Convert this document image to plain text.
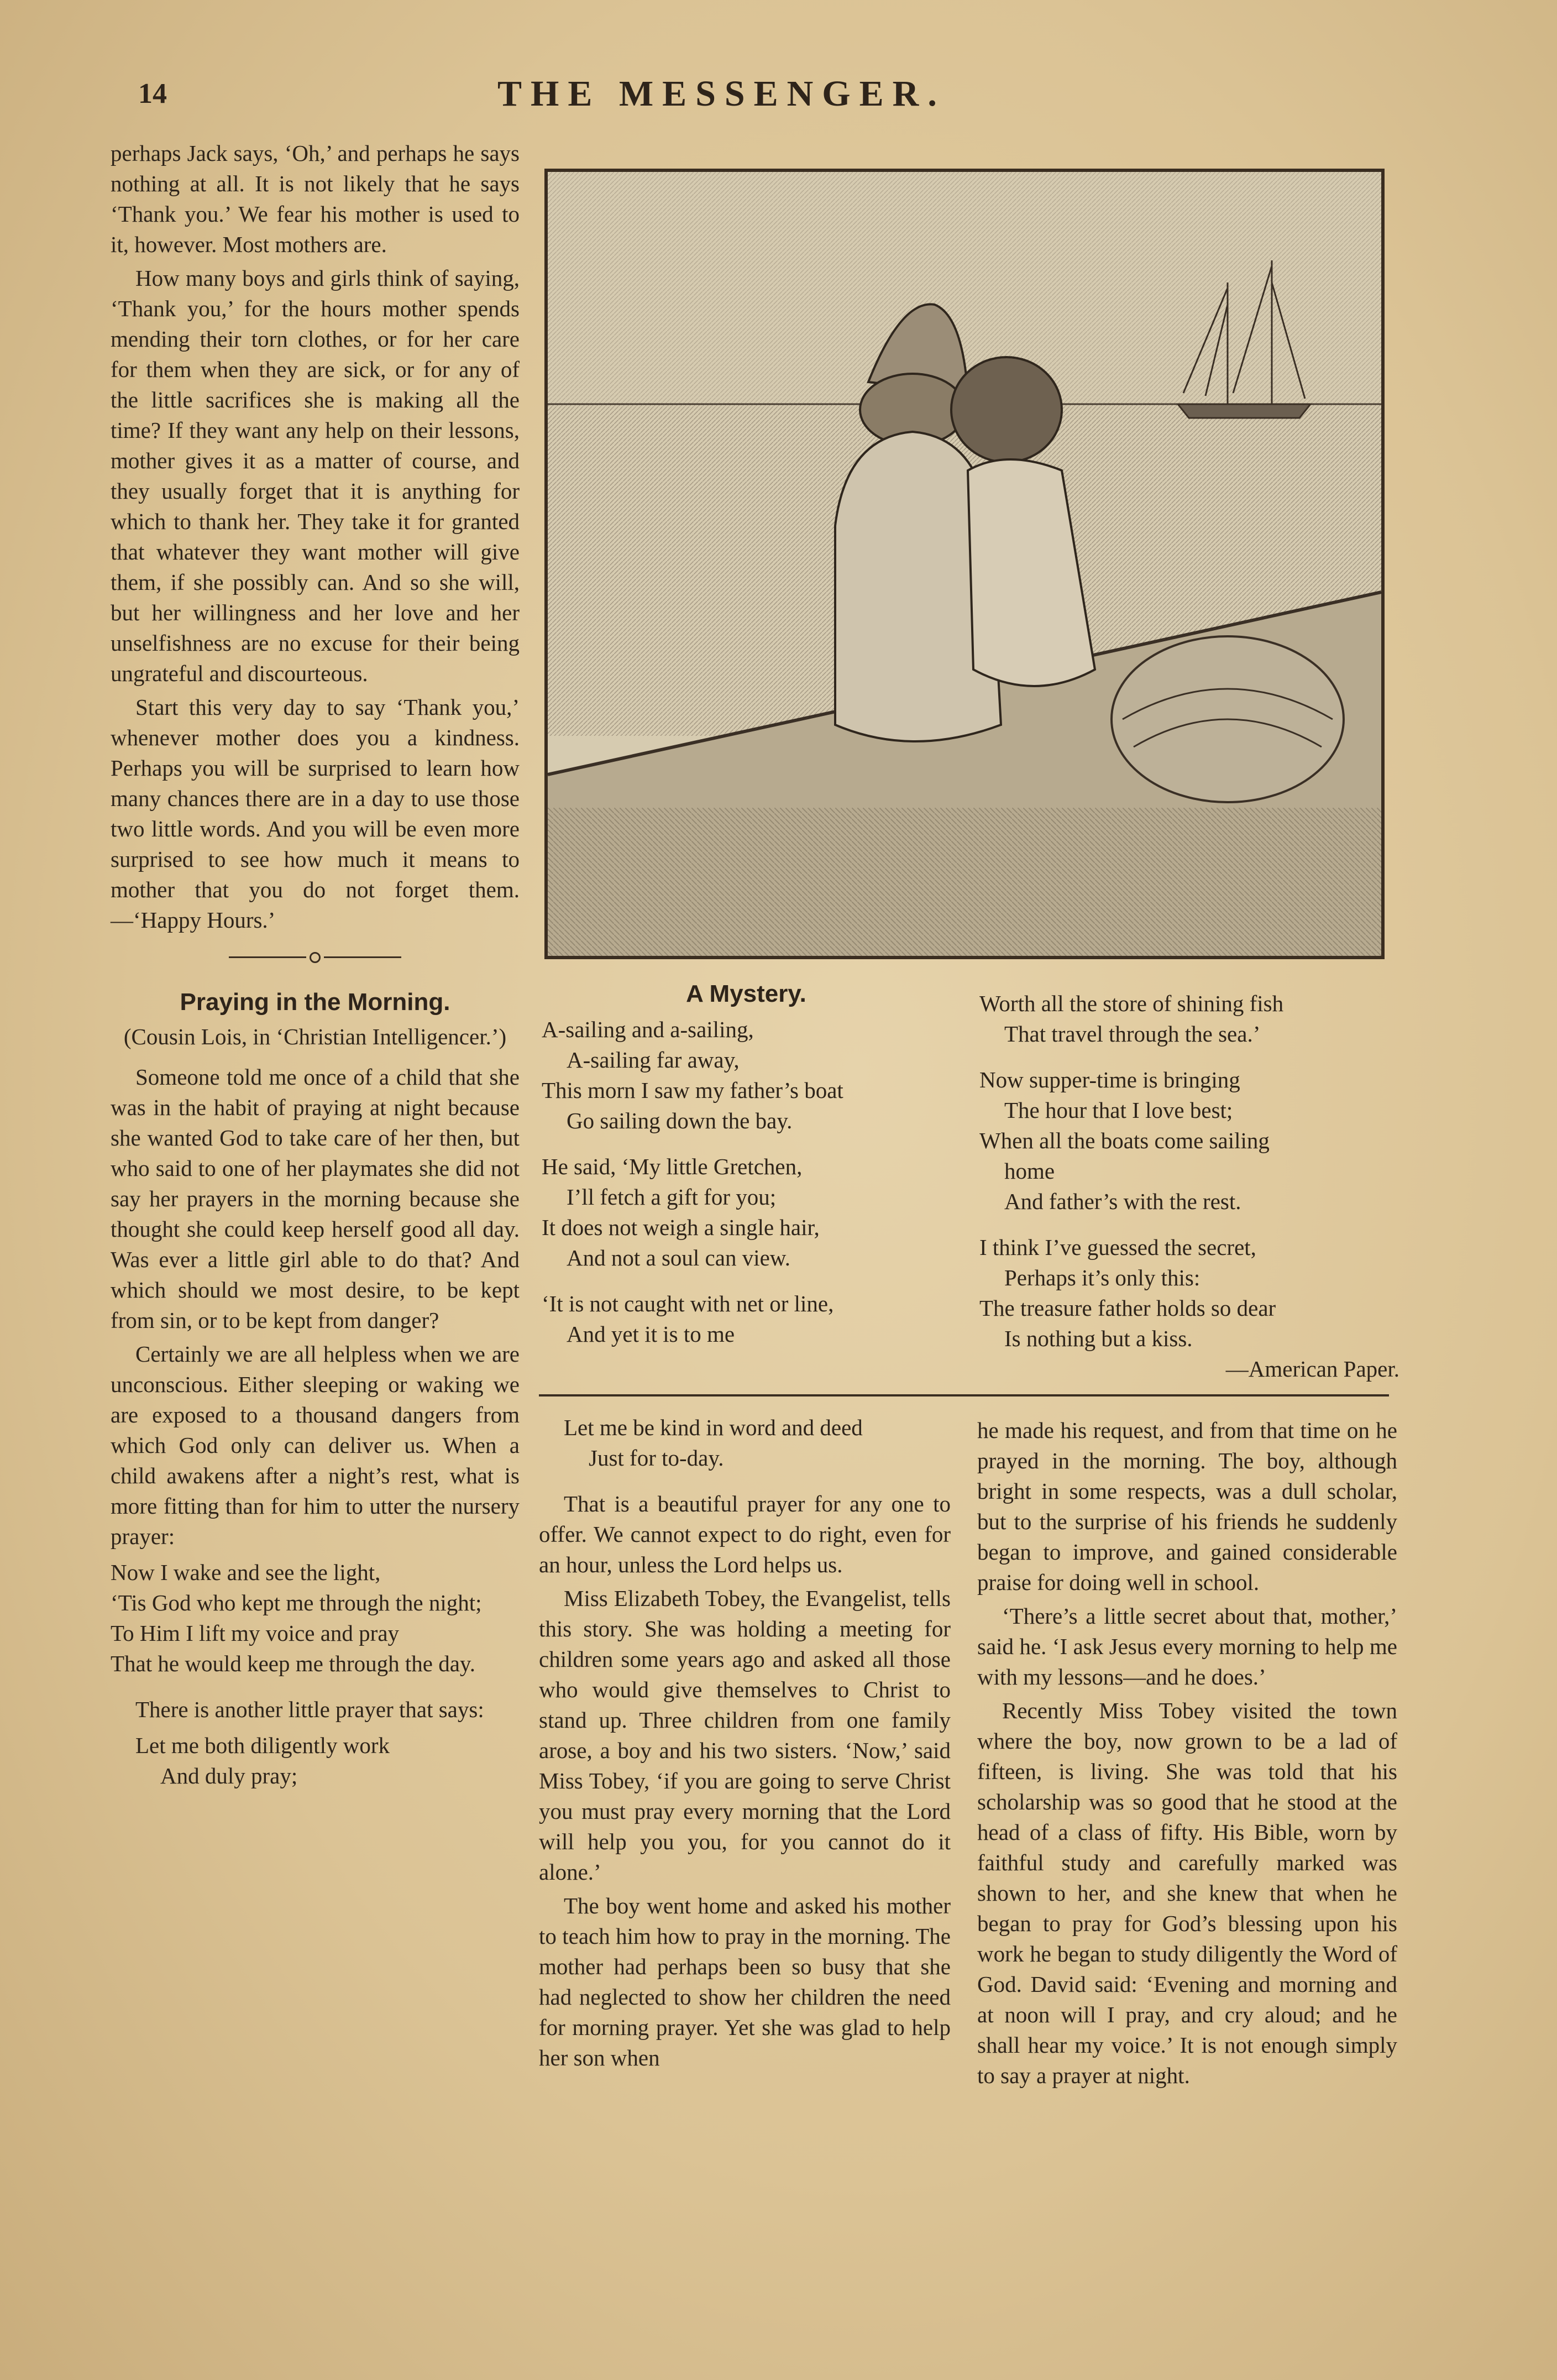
14	THE MESSENGER.

perhaps Jack says, ‘Oh,’ and perhaps he says nothing at all. It is not likely that he says ‘Thank you.’ We fear his mother is used to it, however. Most mothers are.

How many boys and girls think of saying, ‘Thank you,’ for the hours mother spends mending their torn clothes, or for her care for them when they are sick, or for any of the little sacrifices she is making all the time? If they want any help on their lessons, mother gives it as a matter of course, and they usually forget that it is anything for which to thank her. They take it for granted that whatever they want mother will give them, if she possibly can. And so she will, but her willingness and her love and her unselfishness are no excuse for their being ungrateful and discourteous.

Start this very day to say ‘Thank you,’ whenever mother does you a kindness. Perhaps you will be surprised to learn how many chances there are in a day to use those two little words. And you will be even more surprised to see how much it means to mother that you do not forget them.—‘Happy Hours.’

Praying in the Morning.
(Cousin Lois, in ‘Christian Intelligencer.’)

Someone told me once of a child that she was in the habit of praying at night because she wanted God to take care of her then, but who said to one of her playmates she did not say her prayers in the morning because she thought she could keep herself good all day. Was ever a little girl able to do that? And which should we most desire, to be kept from sin, or to be kept from danger?

Certainly we are all helpless when we are unconscious. Either sleeping or waking we are exposed to a thousand dangers from which God only can deliver us. When a child awakens after a night’s rest, what is more fitting than for him to utter the nursery prayer:

Now I wake and see the light,
‘Tis God who kept me through the night;
To Him I lift my voice and pray
That he would keep me through the day.

There is another little prayer that says:

Let me both diligently work
And duly pray;
A Mystery.
A-sailing and a-sailing,
A-sailing far away,
This morn I saw my father’s boat
Go sailing down the bay.
He said, ‘My little Gretchen,
I’ll fetch a gift for you;
It does not weigh a single hair,
And not a soul can view.
‘It is not caught with net or line,
And yet it is to me
Worth all the store of shining fish
That travel through the sea.’
Now supper-time is bringing
The hour that I love best;
When all the boats come sailing
home
And father’s with the rest.
I think I’ve guessed the secret,
Perhaps it’s only this:
The treasure father holds so dear
Is nothing but a kiss.
—American Paper.
Let me be kind in word and deed
Just for to-day.

That is a beautiful prayer for any one to offer. We cannot expect to do right, even for an hour, unless the Lord helps us.

Miss Elizabeth Tobey, the Evangelist, tells this story. She was holding a meeting for children some years ago and asked all those who would give themselves to Christ to stand up. Three children from one family arose, a boy and his two sisters. ‘Now,’ said Miss Tobey, ‘if you are going to serve Christ you must pray every morning that the Lord will help you you, for you cannot do it alone.’

The boy went home and asked his mother to teach him how to pray in the morning. The mother had perhaps been so busy that she had neglected to show her children the need for morning prayer. Yet she was glad to help her son when

he made his request, and from that time on he prayed in the morning. The boy, although bright in some respects, was a dull scholar, but to the surprise of his friends he suddenly began to improve, and gained considerable praise for doing well in school.

‘There’s a little secret about that, mother,’ said he. ‘I ask Jesus every morning to help me with my lessons—and he does.’

Recently Miss Tobey visited the town where the boy, now grown to be a lad of fifteen, is living. She was told that his scholarship was so good that he stood at the head of a class of fifty. His Bible, worn by faithful study and carefully marked was shown to her, and she knew that when he began to pray for God’s blessing upon his work he began to study diligently the Word of God. David said: ‘Evening and morning and at noon will I pray, and cry aloud; and he shall hear my voice.’ It is not enough simply to say a prayer at night.
